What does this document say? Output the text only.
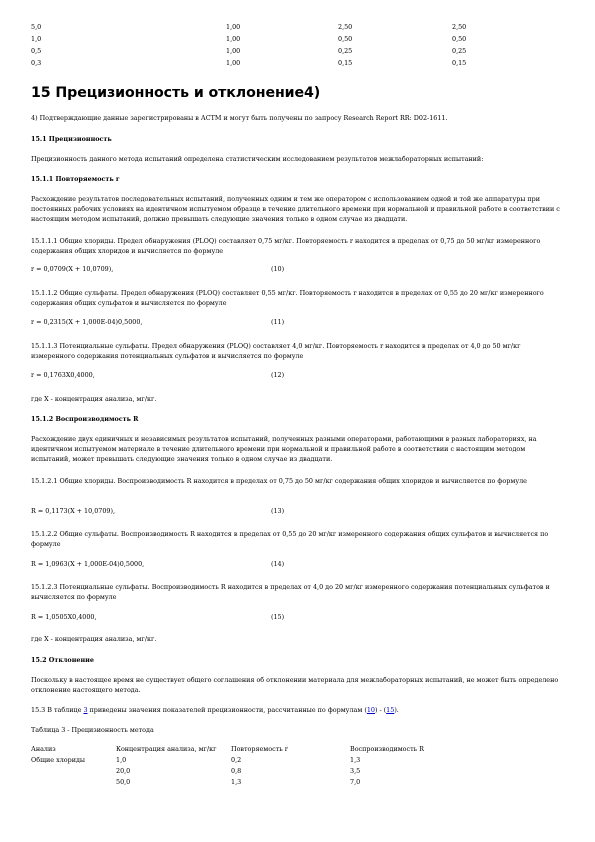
5,0	1,00	2,50	2,50
1,0	1,00	0,50	0,50
0,5	1,00	0,25	0,25
0,3	1,00	0,15	0,15
15 Прецизионность и отклонение4)

4) Подтверждающие данные зарегистрированы в АСТМ и могут быть получены по запросу Research Report RR: D02-1611.

15.1 Прецизионность

Прецизионность данного метода испытаний определена статистическим исследованием результатов межлабораторных испытаний:

15.1.1 Повторяемость r

Расхождение результатов последовательных испытаний, полученных одним и тем же оператором с использованием одной и той же аппаратуры при постоянных рабочих условиях на идентичном испытуемом образце в течение длительного времени при нормальной и правильной работе в соответствии с настоящим методом испытаний, должно превышать следующие значения только в одном случае из двадцати.

15.1.1.1 Общие хлориды. Предел обнаружения (PLOQ) составляет 0,75 мг/кг. Повторяемость r находится в пределах от 0,75 до 50 мг/кг измеренного содержания общих хлоридов и вычисляется по формуле

r = 0,0709(X + 10,0709),	(10)

15.1.1.2 Общие сульфаты. Предел обнаружения (PLOQ) составляет 0,55 мг/кг. Повторяемость r находится в пределах от 0,55 до 20 мг/кг измеренного содержания общих сульфатов и вычисляется по формуле

r = 0,2315(X + 1,000Е-04)0,5000,	(11)

15.1.1.3 Потенциальные сульфаты. Предел обнаружения (PLOQ) составляет 4,0 мг/кг. Повторяемость r находится в пределах от 4,0 до 50 мг/кг измеренного содержания потенциальных сульфатов и вычисляется по формуле

r = 0,1763X0,4000,	(12)

где X - концентрация анализа, мг/кг.

15.1.2 Воспроизводимость R

Расхождение двух единичных и независимых результатов испытаний, полученных разными операторами, работающими в разных лабораториях, на идентичном испытуемом материале в течение длительного времени при нормальной и правильной работе в соответствии с настоящим методом испытаний, может превышать следующие значения только в одном случае из двадцати.

15.1.2.1 Общие хлориды. Воспроизводимость R находится в пределах от 0,75 до 50 мг/кг содержания общих хлоридов и вычисляется по формуле

R = 0,1173(X + 10,0709),	(13)

15.1.2.2 Общие сульфаты. Воспроизводимость R находится в пределах от 0,55 до 20 мг/кг измеренного содержания общих сульфатов и вычисляется по формуле

R = 1,0963(X + 1,000Е-04)0,5000,	(14)

15.1.2.3 Потенциальные сульфаты. Воспроизводимость R находится в пределах от 4,0 до 20 мг/кг измеренного содержания потенциальных сульфатов и вычисляется по формуле

R = 1,0505X0,4000,	(15)

где X - концентрация анализа, мг/кг.

15.2 Отклонение

Поскольку в настоящее время не существует общего соглашения об отклонении материала для межлабораторных испытаний, не может быть определено отклонение настоящего метода.

15.3 В таблице 3 приведены значения показателей прецизионности, рассчитанные по формулам (10) - (15).

Таблица 3 - Прецизионность метода

Анализ	Концентрация анализа, мг/кг	Повторяемость r	Воспроизводимость R
Общие хлориды	1,0	0,2	1,3
	20,0	0,8	3,5
	50,0	1,3	7,0
